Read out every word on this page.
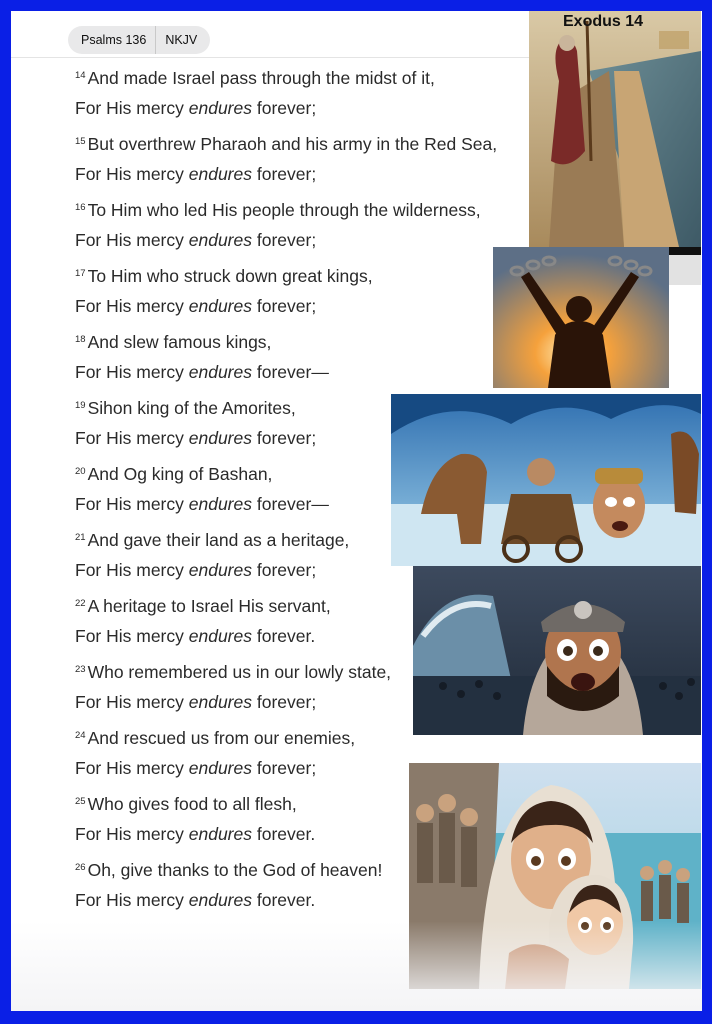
Psalms 136	NKJV
$^{14}$ And made Israel pass through the midst of it,
For His mercy endures forever;
$^{15}$ But overthrew Pharaoh and his army in the Red Sea,
For His mercy endures forever;
$^{16}$ To Him who led His people through the wilderness,
For His mercy endures forever;
$^{17}$ To Him who struck down great kings,
For His mercy endures forever;
$^{18}$ And slew famous kings,
For His mercy endures forever—
$^{19}$ Sihon king of the Amorites,
For His mercy endures forever;
$^{20}$ And Og king of Bashan,
For His mercy endures forever—
$^{21}$ And gave their land as a heritage,
For His mercy endures forever;
$^{22}$ A heritage to Israel His servant,
For His mercy endures forever.
$^{23}$ Who remembered us in our lowly state,
For His mercy endures forever;
$^{24}$ And rescued us from our enemies,
For His mercy endures forever;
$^{25}$ Who gives food to all flesh,
For His mercy endures forever.
$^{26}$ Oh, give thanks to the God of heaven!
For His mercy endures forever.
Exodus 14
